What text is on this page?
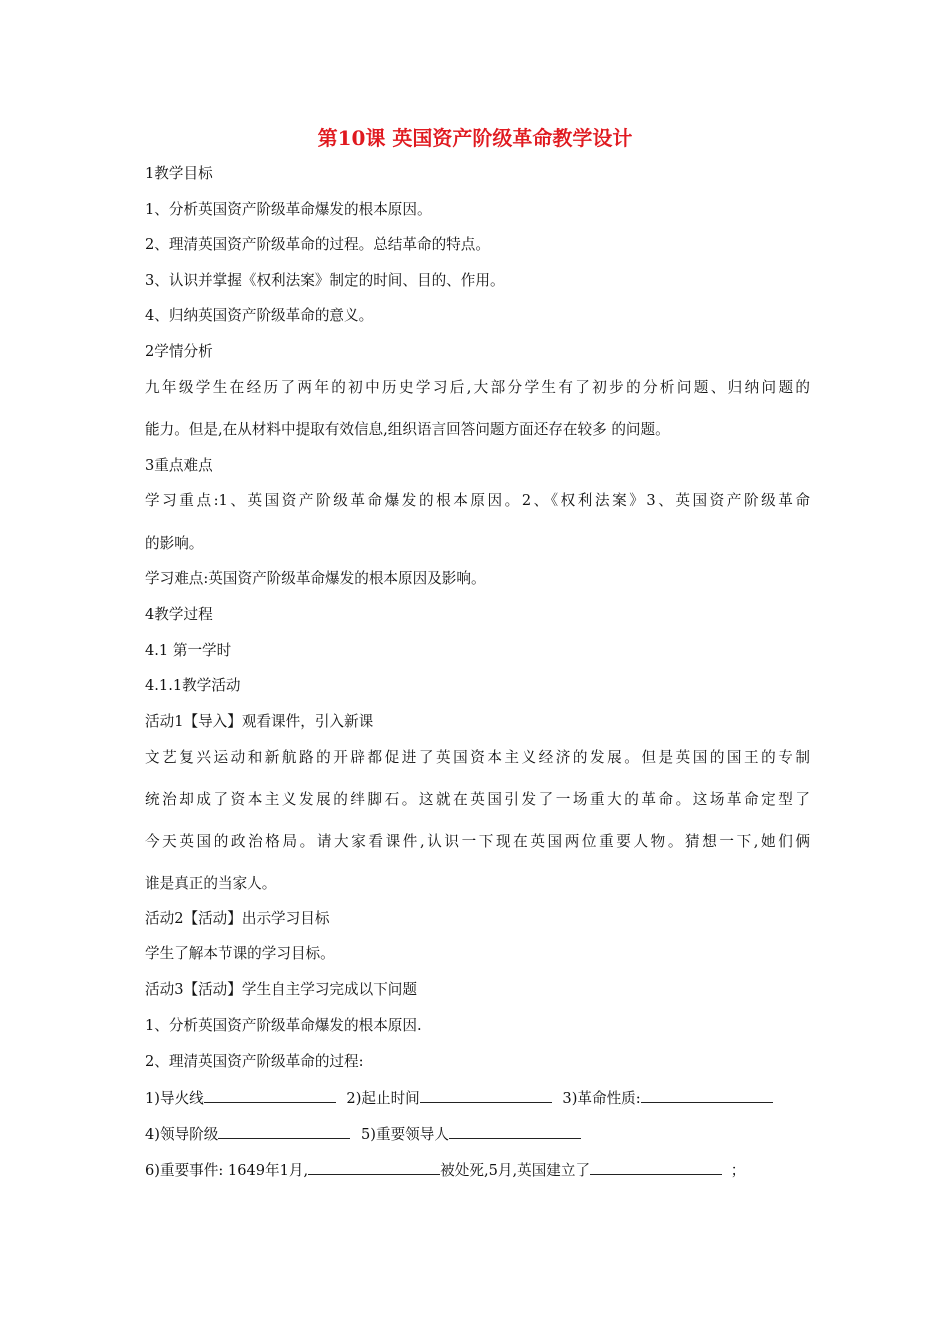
第10课 英国资产阶级革命教学设计
1教学目标
1、分析英国资产阶级革命爆发的根本原因。
2、理清英国资产阶级革命的过程。总结革命的特点。
3、认识并掌握《权利法案》制定的时间、目的、作用。
4、归纳英国资产阶级革命的意义。
2学情分析
九年级学生在经历了两年的初中历史学习后,大部分学生有了初步的分析问题、归纳问题的
能力。但是,在从材料中提取有效信息,组织语言回答问题方面还存在较多 的问题。
3重点难点
学习重点:1、英国资产阶级革命爆发的根本原因。2、《权利法案》3、英国资产阶级革命
的影响。
学习难点:英国资产阶级革命爆发的根本原因及影响。
4教学过程
4.1 第一学时
4.1.1教学活动
活动1【导入】观看课件，引入新课
文艺复兴运动和新航路的开辟都促进了英国资本主义经济的发展。但是英国的国王的专制
统治却成了资本主义发展的绊脚石。这就在英国引发了一场重大的革命。这场革命定型了
今天英国的政治格局。请大家看课件,认识一下现在英国两位重要人物。猜想一下,她们俩
谁是真正的当家人。
活动2【活动】出示学习目标
学生了解本节课的学习目标。
活动3【活动】学生自主学习完成以下问题
1、分析英国资产阶级革命爆发的根本原因.
2、理清英国资产阶级革命的过程:
1)导火线	2)起止时间	3)革命性质:
4)领导阶级	5)重要领导人
6)重要事件: 1649年1月,	被处死,5月,英国建立了	；
